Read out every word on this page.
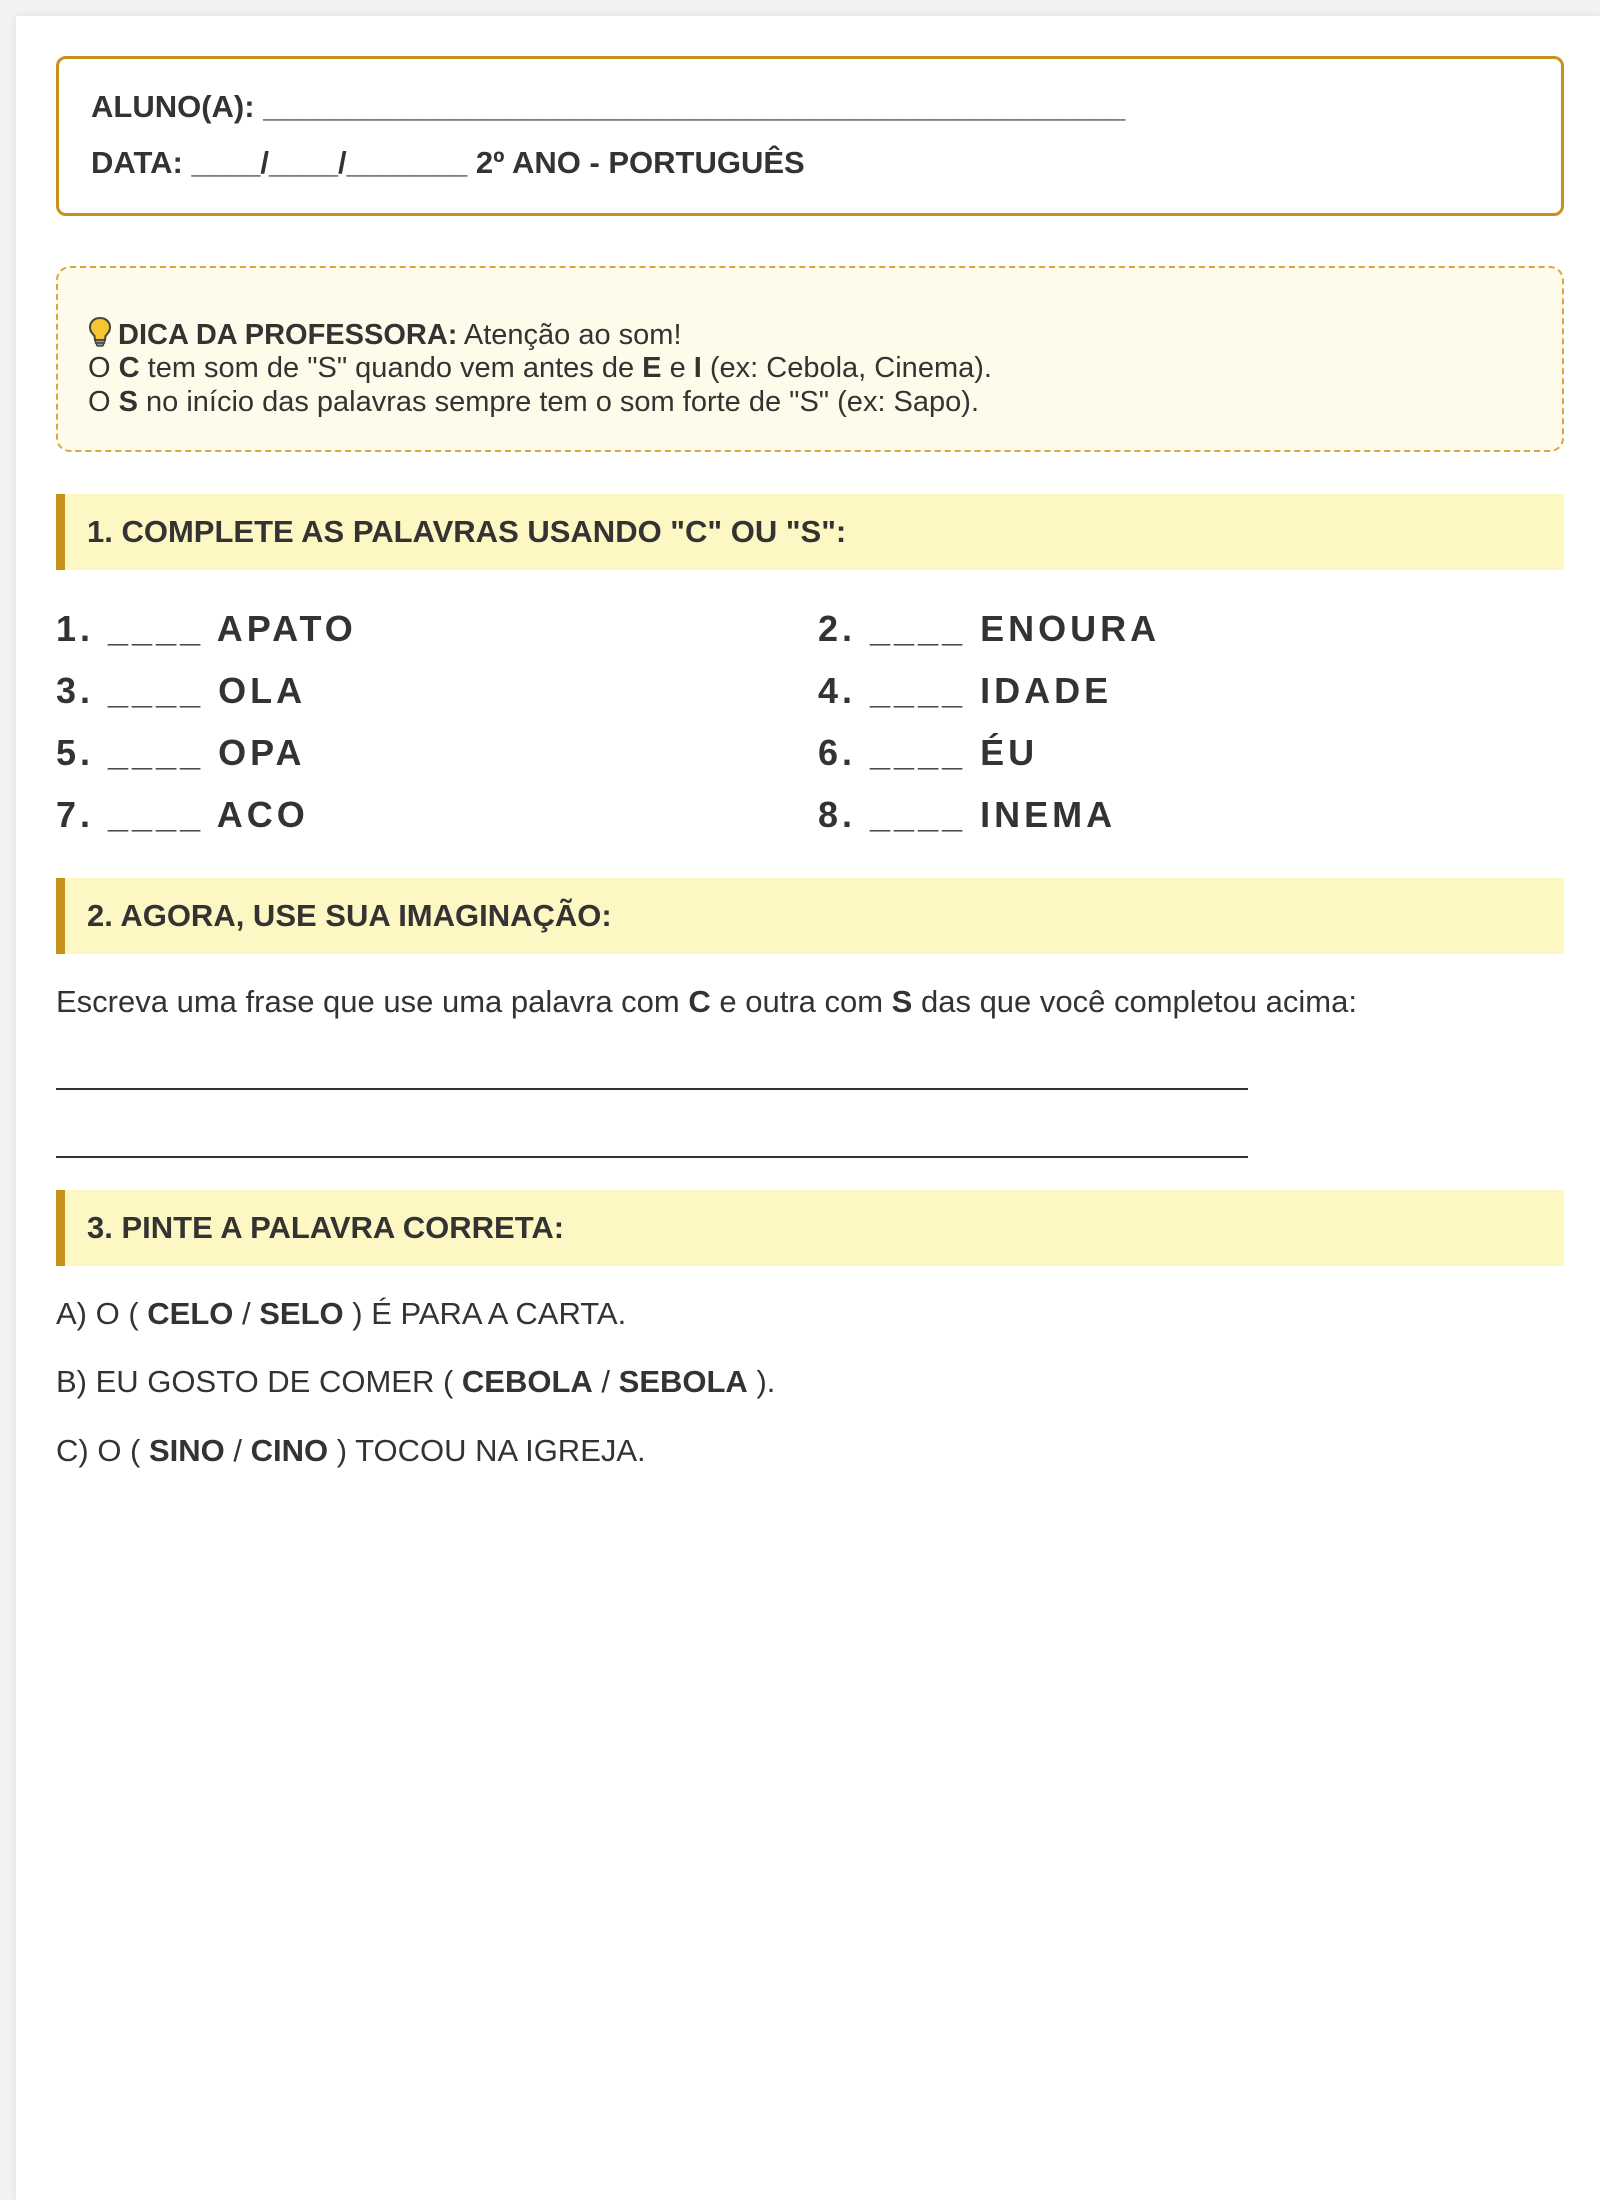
ALUNO(A): __________________________________________________
DATA: ____/____/_______ 2º ANO - PORTUGUÊS
DICA DA PROFESSORA: Atenção ao som!
O C tem som de "S" quando vem antes de E e I (ex: Cebola, Cinema).
O S no início das palavras sempre tem o som forte de "S" (ex: Sapo).
1. COMPLETE AS PALAVRAS USANDO "C" OU "S":
1. ____ APATO	2. ____ ENOURA
3. ____ OLA	4. ____ IDADE
5. ____ OPA	6. ____ ÉU
7. ____ ACO	8. ____ INEMA
2. AGORA, USE SUA IMAGINAÇÃO:
Escreva uma frase que use uma palavra com C e outra com S das que você completou acima:
3. PINTE A PALAVRA CORRETA:
A) O ( CELO / SELO ) É PARA A CARTA.
B) EU GOSTO DE COMER ( CEBOLA / SEBOLA ).
C) O ( SINO / CINO ) TOCOU NA IGREJA.
